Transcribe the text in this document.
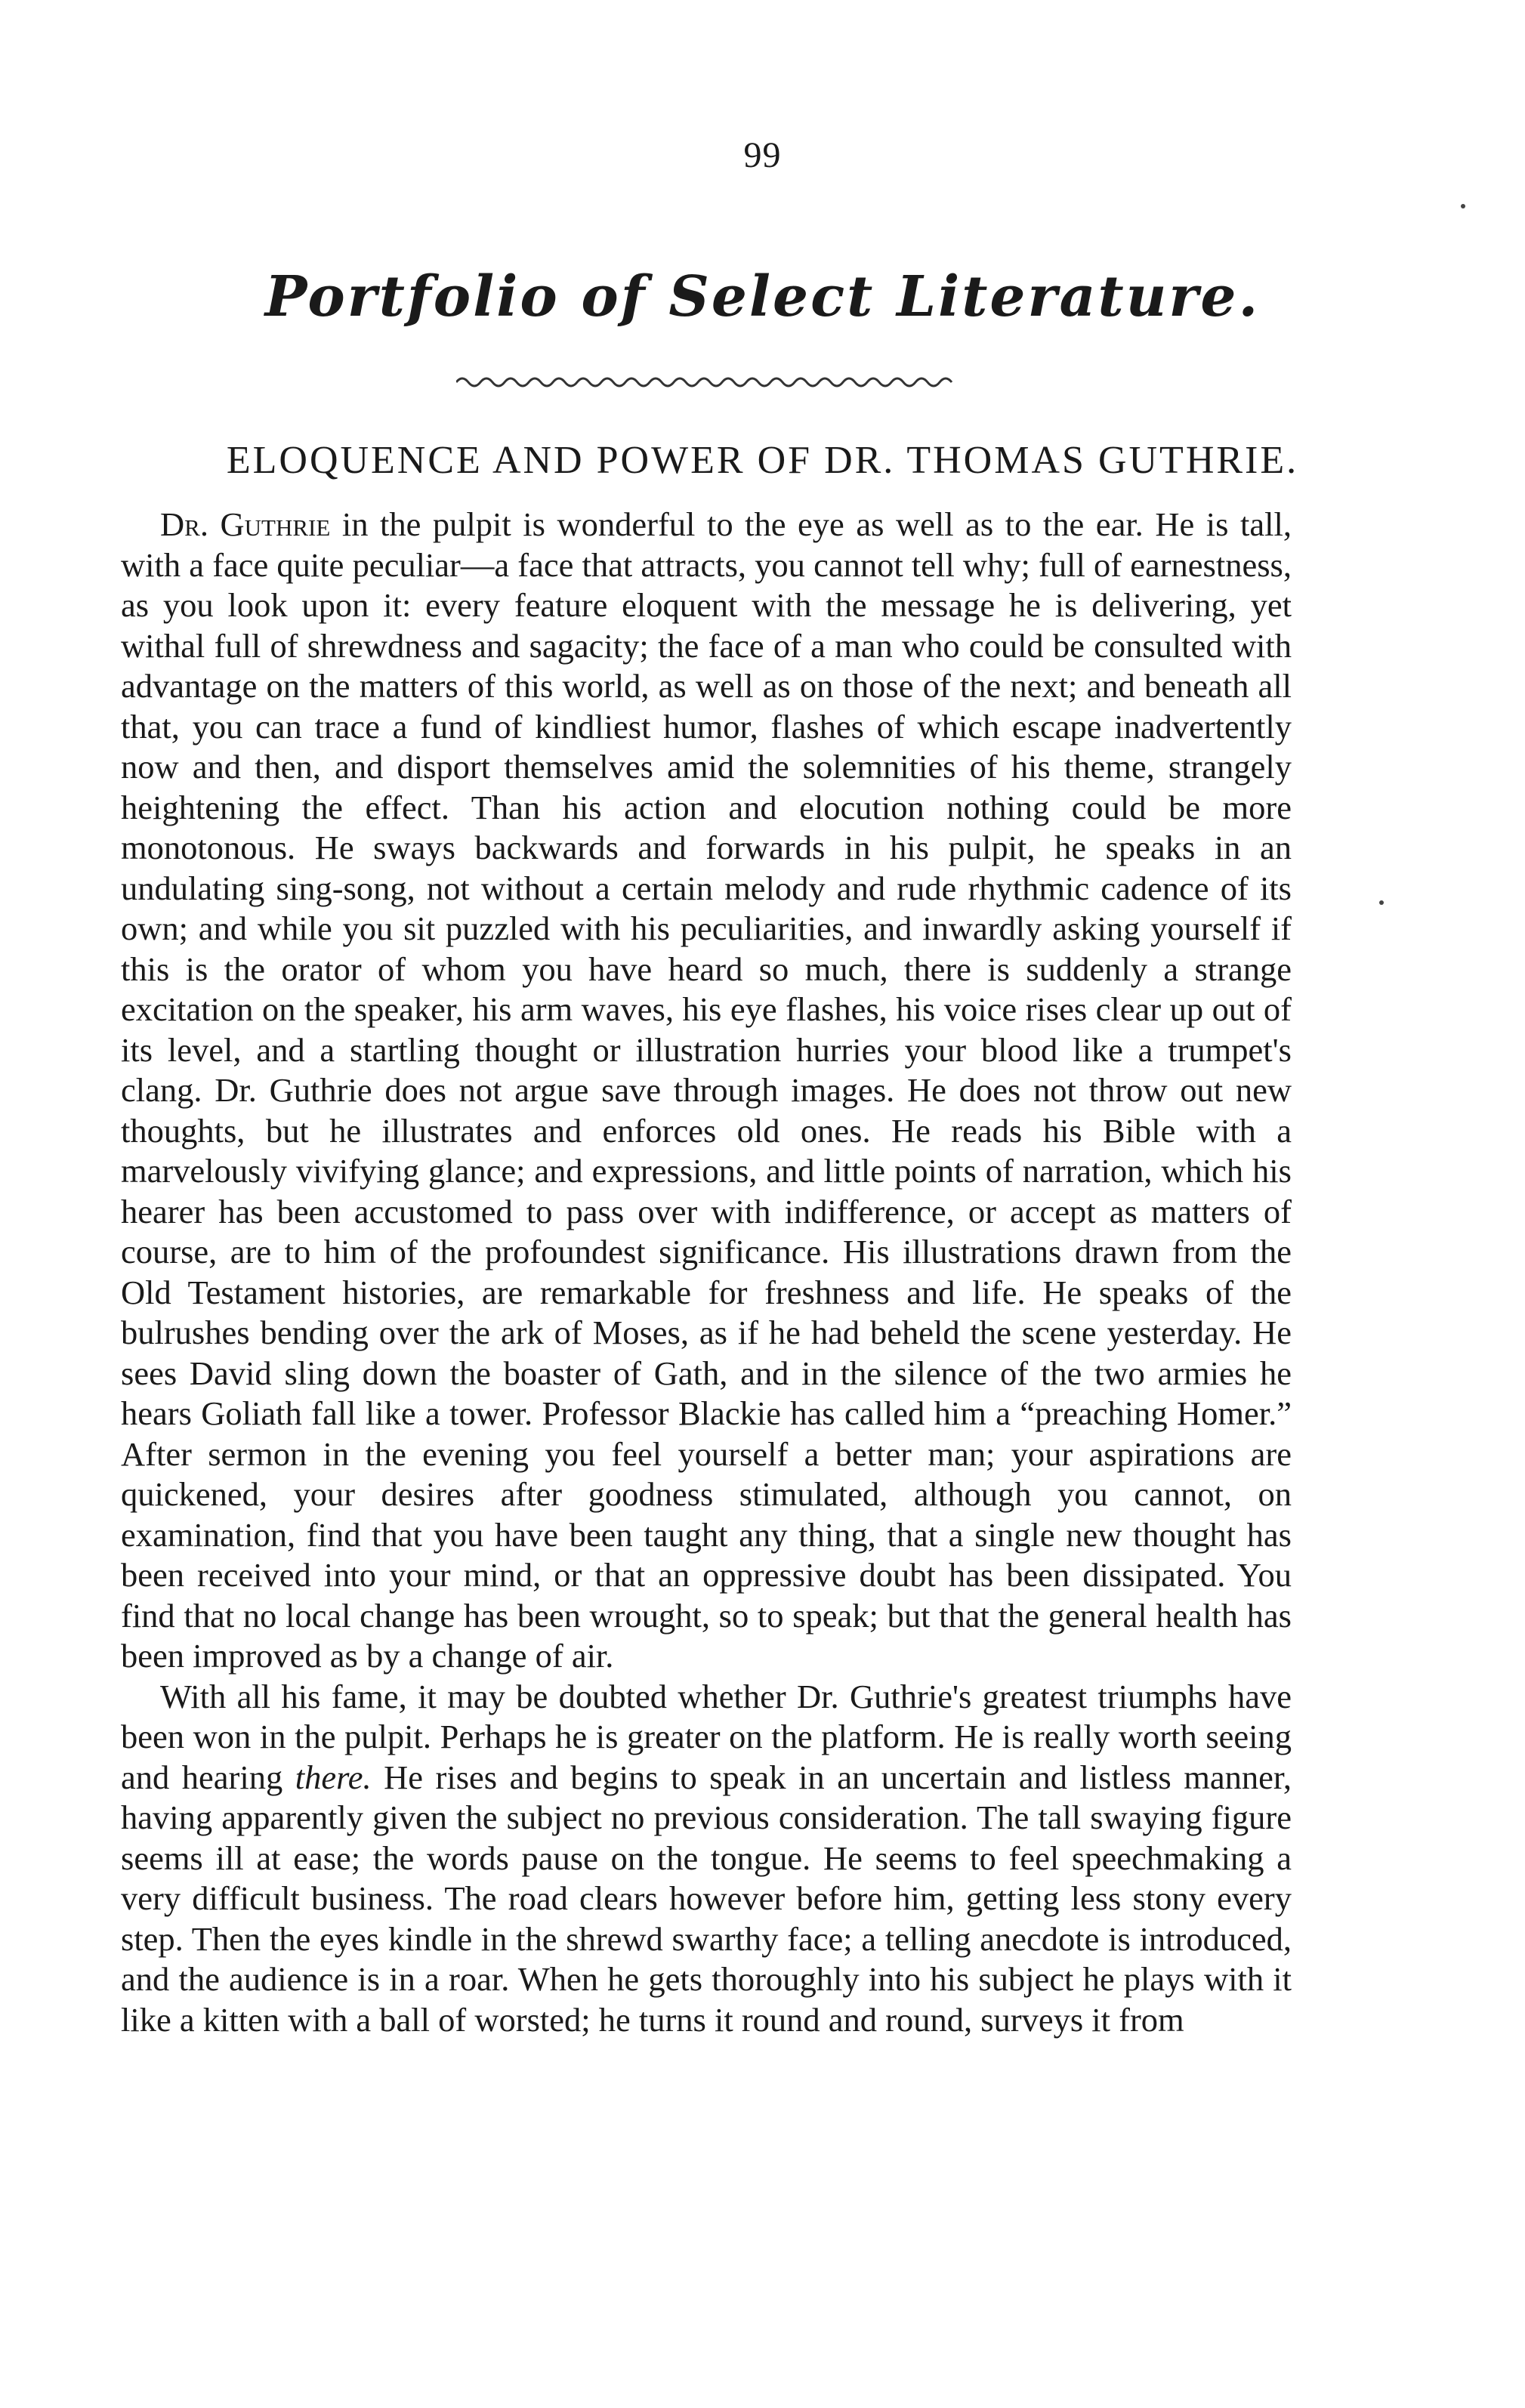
99
Portfolio of Select Literature.
ELOQUENCE AND POWER OF DR. THOMAS GUTHRIE.

Dr. Guthrie in the pulpit is wonderful to the eye as well as to the ear. He is tall, with a face quite peculiar—a face that attracts, you cannot tell why; full of earnestness, as you look upon it: every feature eloquent with the message he is delivering, yet withal full of shrewdness and sagacity; the face of a man who could be consulted with advantage on the matters of this world, as well as on those of the next; and beneath all that, you can trace a fund of kindliest humor, flashes of which escape inadvertently now and then, and disport themselves amid the solemnities of his theme, strangely heightening the effect. Than his action and elocution nothing could be more monotonous. He sways backwards and forwards in his pulpit, he speaks in an undulating sing-song, not without a certain melody and rude rhythmic cadence of its own; and while you sit puzzled with his peculiarities, and inwardly asking yourself if this is the orator of whom you have heard so much, there is suddenly a strange excitation on the speaker, his arm waves, his eye flashes, his voice rises clear up out of its level, and a startling thought or illustration hurries your blood like a trumpet's clang. Dr. Guthrie does not argue save through images. He does not throw out new thoughts, but he illustrates and enforces old ones. He reads his Bible with a marvelously vivifying glance; and expressions, and little points of narration, which his hearer has been accustomed to pass over with indifference, or accept as matters of course, are to him of the profoundest significance. His illustrations drawn from the Old Testament histories, are remarkable for freshness and life. He speaks of the bulrushes bending over the ark of Moses, as if he had beheld the scene yesterday. He sees David sling down the boaster of Gath, and in the silence of the two armies he hears Goliath fall like a tower. Professor Blackie has called him a “preaching Homer.” After sermon in the evening you feel yourself a better man; your aspirations are quickened, your desires after goodness stimulated, although you cannot, on examination, find that you have been taught any thing, that a single new thought has been received into your mind, or that an oppressive doubt has been dissipated. You find that no local change has been wrought, so to speak; but that the general health has been improved as by a change of air.

With all his fame, it may be doubted whether Dr. Guthrie's greatest triumphs have been won in the pulpit. Perhaps he is greater on the platform. He is really worth seeing and hearing there. He rises and begins to speak in an uncertain and listless manner, having apparently given the subject no previous consideration. The tall swaying figure seems ill at ease; the words pause on the tongue. He seems to feel speechmaking a very difficult business. The road clears however before him, getting less stony every step. Then the eyes kindle in the shrewd swarthy face; a telling anecdote is introduced, and the audience is in a roar. When he gets thoroughly into his subject he plays with it like a kitten with a ball of worsted; he turns it round and round, surveys it from
